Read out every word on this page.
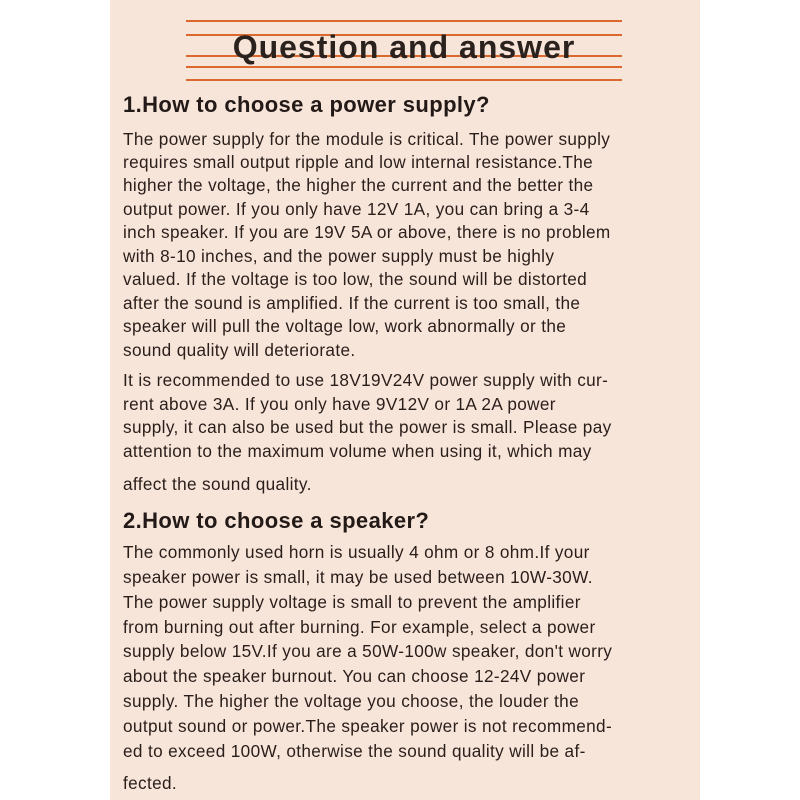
Question and answer
1.How to choose a power supply?
The power supply for the module is critical. The power supply
requires small output ripple and low internal resistance.The
higher the voltage, the higher the current and the better the
output power. If you only have 12V 1A, you can bring a 3-4
inch speaker. If you are 19V 5A or above, there is no problem
with 8-10 inches, and the power supply must be highly
valued. If the voltage is too low, the sound will be distorted
after the sound is amplified. If the current is too small, the
speaker will pull the voltage low, work abnormally or the
sound quality will deteriorate.
It is recommended to use 18V19V24V power supply with cur-
rent above 3A. If you only have 9V12V or 1A 2A power
supply, it can also be used but the power is small. Please pay
attention to the maximum volume when using it, which may
affect the sound quality.
2.How to choose a speaker?
The commonly used horn is usually 4 ohm or 8 ohm.If your
speaker power is small, it may be used between 10W-30W.
The power supply voltage is small to prevent the amplifier
from burning out after burning. For example, select a power
supply below 15V.If you are a 50W-100w speaker, don't worry
about the speaker burnout. You can choose 12-24V power
supply. The higher the voltage you choose, the louder the
output sound or power.The speaker power is not recommend-
ed to exceed 100W, otherwise the sound quality will be af-
fected.
